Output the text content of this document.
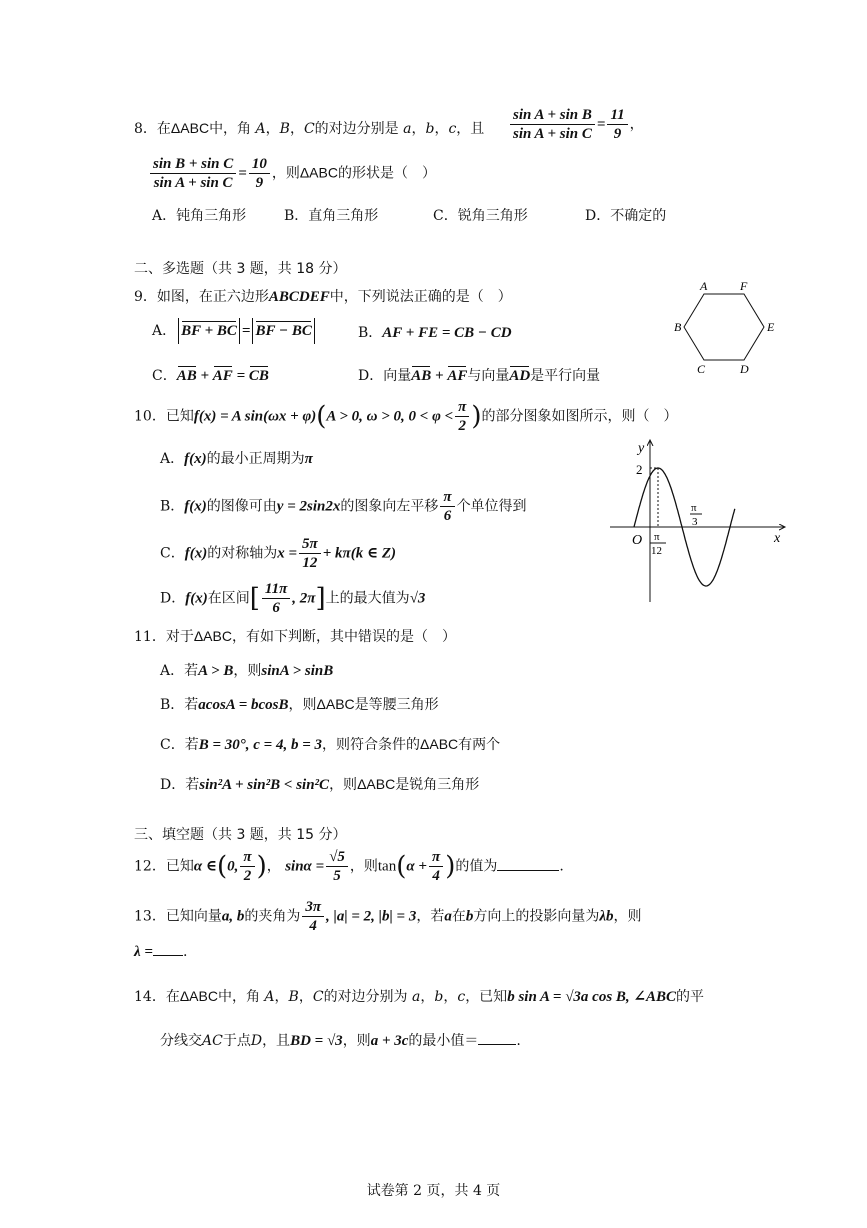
8．在ΔABC中，角 A，B，C的对边分别是 a，b，c，且 $\frac{\text{sin A + sin B}}{\text{sin A + sin C}} = \frac{11}{9}$ ，
$\frac{\text{sin B + sin C}}{\text{sin A + sin C}} = \frac{10}{9}$ ，则ΔABC的形状是（　）
A．钝角三角形	B．直角三角形	C．锐角三角形	D．不确定的
二、多选题（共 3 题，共 18 分）
9．如图，在正六边形ABCDEF中，下列说法正确的是（　）
A． BF + BC = BF − BC	B．AF + FE = CB − CD
C．AB + AF = CB	D．向量AB + AF与向量AD是平行向量
A	F
B	E
C	D
10．已知f(x) = A sin(ωx + φ)(A > 0, ω > 0, $0 < \varphi < \frac{\pi}{2}$ )的部分图象如图所示，则（　）
A．f(x)的最小正周期为π
B．f(x)的图像可由y = 2sin2x的图象向左平移 $\frac{\pi}{6}$ 个单位得到
C．f(x)的对称轴为$x = \frac{5\pi}{12} + k\pi(k$ ∈ Z)
D．f(x)在区间[ $\frac{11\pi}{6}$ , 2π]上的最大值为√3
y
x
O
2
π
12
π
3
11．对于ΔABC，有如下判断，其中错误的是（　）
A．若A > B，则sinA > sinB
B．若acosA = bcosB，则ΔABC是等腰三角形
C．若B = 30°, c = 4, b = 3，则符合条件的ΔABC有两个
D．若sin²A + sin²B < sin²C，则ΔABC是锐角三角形
三、填空题（共 3 题，共 15 分）
12．已知α ∈(0, $\frac{\pi}{2}$ )， $\sin\alpha = \frac{√5}{5}$ ，则$\tan(\alpha + \frac{\pi}{4}$ )的值为	.
13．已知向量a, b的夹角为 $\frac{3\pi}{4}$ , |a| = 2, |b| = 3，若a在b方向上的投影向量为λb，则
λ = .
14．在ΔABC中，角 A，B，C的对边分别为 a，b，c，已知b sin A = √3a cos B, ∠ABC的平
分线交AC于点D，且BD = √3，则a + 3c的最小值＝	.
试卷第 2 页，共 4 页
